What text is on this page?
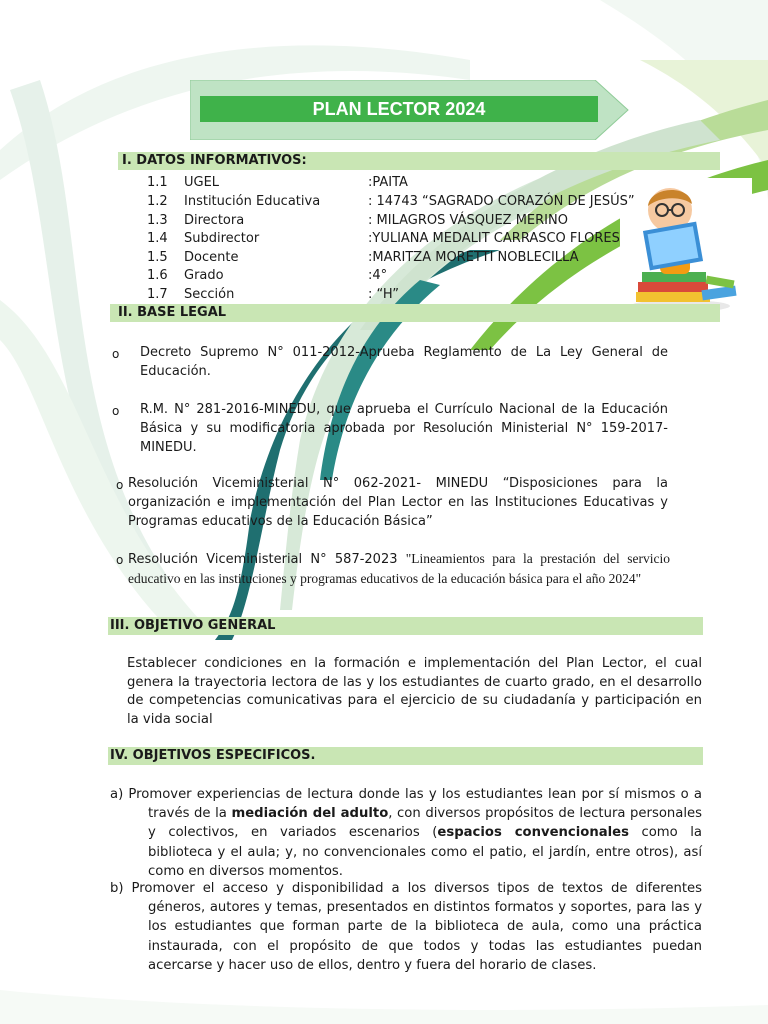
PLAN LECTOR 2024
I. DATOS INFORMATIVOS:
1.1 UGEL	:PAITA
1.2 Institución Educativa	: 14743 “SAGRADO CORAZÓN DE JESÚS”
1.3 Directora	: MILAGROS VÁSQUEZ MERINO
1.4 Subdirector	:YULIANA MEDALIT CARRASCO FLORES
1.5 Docente	:MARITZA MORETTI NOBLECILLA
1.6 Grado	:4°
1.7 Sección	: “H”
II. BASE LEGAL
o Decreto Supremo N° 011-2012-Aprueba Reglamento de La Ley General de Educación.
o R.M. N° 281-2016-MINEDU, que aprueba el Currículo Nacional de la Educación Básica y su modificatoria aprobada por Resolución Ministerial N° 159-2017-MINEDU.
o Resolución Viceministerial N° 062-2021- MINEDU “Disposiciones para la organización e implementación del Plan Lector en las Instituciones Educativas y Programas educativos de la Educación Básica”
o Resolución Viceministerial N° 587-2023 "Lineamientos para la prestación del servicio educativo en las instituciones y programas educativos de la educación básica para el año 2024"
III. OBJETIVO GENERAL
Establecer condiciones en la formación e implementación del Plan Lector, el cual genera la trayectoria lectora de las y los estudiantes de cuarto grado, en el desarrollo de competencias comunicativas para el ejercicio de su ciudadanía y participación en la vida social
IV. OBJETIVOS ESPECIFICOS.
a) Promover experiencias de lectura donde las y los estudiantes lean por sí mismos o a través de la mediación del adulto, con diversos propósitos de lectura personales y colectivos, en variados escenarios (espacios convencionales como la biblioteca y el aula; y, no convencionales como el patio, el jardín, entre otros), así como en diversos momentos.
b) Promover el acceso y disponibilidad a los diversos tipos de textos de diferentes géneros, autores y temas, presentados en distintos formatos y soportes, para las y los estudiantes que forman parte de la biblioteca de aula, como una práctica instaurada, con el propósito de que todos y todas las estudiantes puedan acercarse y hacer uso de ellos, dentro y fuera del horario de clases.
